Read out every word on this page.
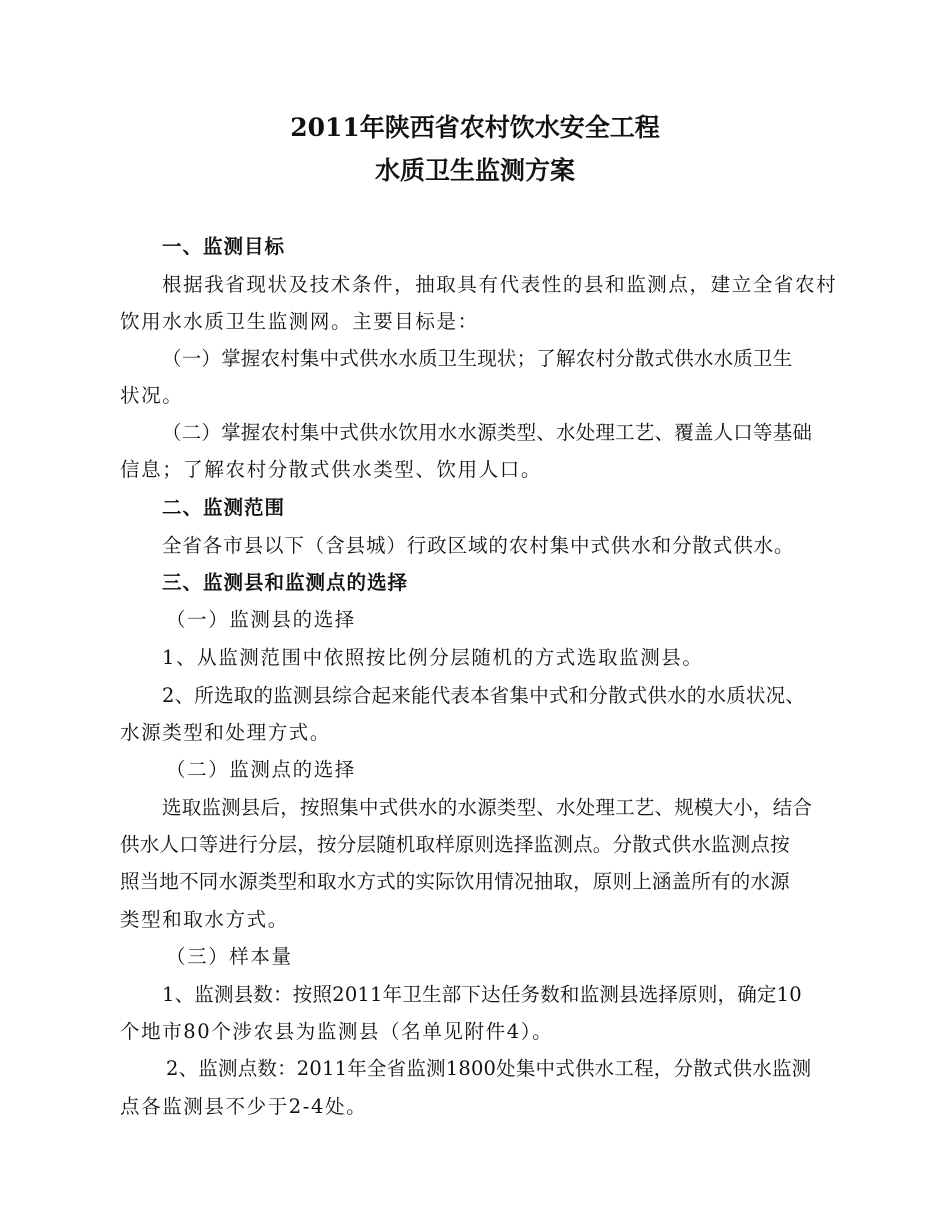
2011年陕西省农村饮水安全工程
水质卫生监测方案
一、监测目标
根据我省现状及技术条件，抽取具有代表性的县和监测点，建立全省农村
饮用水水质卫生监测网。主要目标是：
（一）掌握农村集中式供水水质卫生现状；了解农村分散式供水水质卫生
状况。
（二）掌握农村集中式供水饮用水水源类型、水处理工艺、覆盖人口等基础
信息；了解农村分散式供水类型、饮用人口。
二、监测范围
全省各市县以下（含县城）行政区域的农村集中式供水和分散式供水。
三、监测县和监测点的选择
（一）监测县的选择
1、从监测范围中依照按比例分层随机的方式选取监测县。
2、所选取的监测县综合起来能代表本省集中式和分散式供水的水质状况、
水源类型和处理方式。
（二）监测点的选择
选取监测县后，按照集中式供水的水源类型、水处理工艺、规模大小，结合
供水人口等进行分层，按分层随机取样原则选择监测点。分散式供水监测点按
照当地不同水源类型和取水方式的实际饮用情况抽取，原则上涵盖所有的水源
类型和取水方式。
（三）样本量
1、监测县数：按照2011年卫生部下达任务数和监测县选择原则，确定10
个地市80个涉农县为监测县（名单见附件4）。
2、监测点数：2011年全省监测1800处集中式供水工程，分散式供水监测
点各监测县不少于2-4处。
